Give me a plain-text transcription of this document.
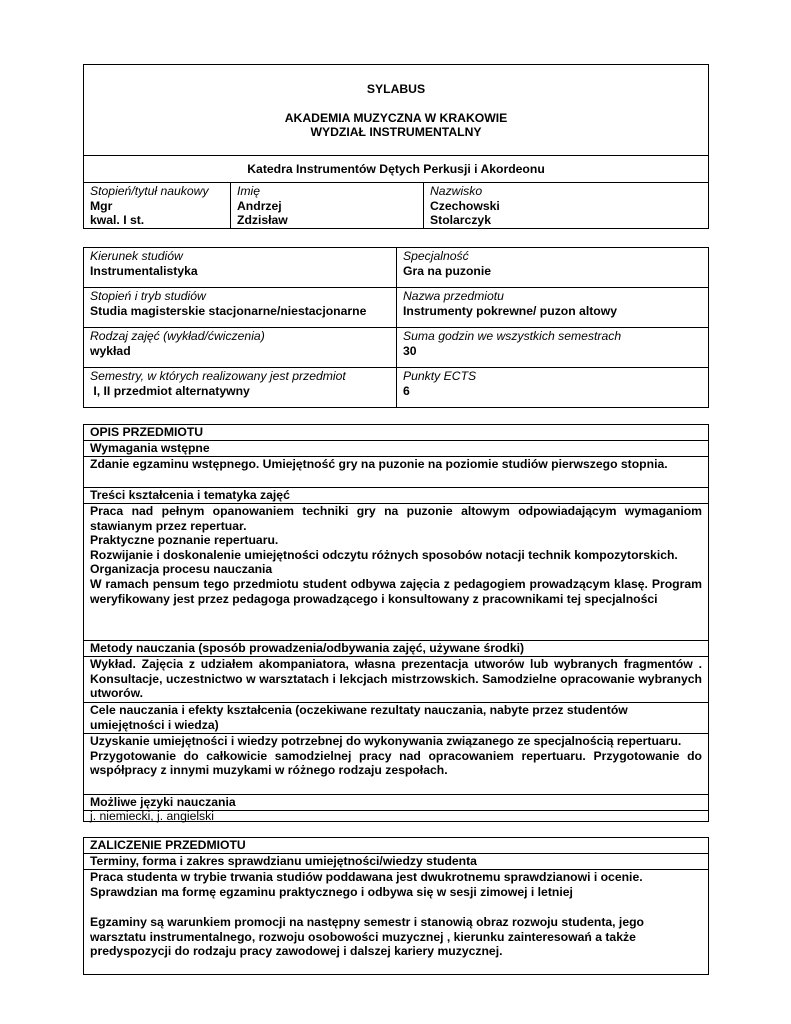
SYLABUS
AKADEMIA MUZYCZNA W KRAKOWIE
WYDZIAŁ INSTRUMENTALNY
Katedra Instrumentów Dętych Perkusji i Akordeonu
Stopień/tytuł naukowy
Mgr
kwal. I st.
Imię
Andrzej
Zdzisław
Nazwisko
Czechowski
Stolarczyk
Kierunek studiów
Instrumentalistyka
Specjalność
Gra na puzonie
Stopień i tryb studiów
Studia magisterskie stacjonarne/niestacjonarne
Nazwa przedmiotu
Instrumenty pokrewne/ puzon altowy
Rodzaj zajęć (wykład/ćwiczenia)
wykład
Suma godzin we wszystkich semestrach
30
Semestry, w których realizowany jest przedmiot
I, II przedmiot alternatywny
Punkty ECTS
6
OPIS PRZEDMIOTU
Wymagania wstępne
Zdanie egzaminu wstępnego. Umiejętność gry na puzonie na poziomie studiów pierwszego stopnia.
Treści kształcenia i tematyka zajęć
Praca nad pełnym opanowaniem techniki gry na puzonie altowym odpowiadającym wymaganiom stawianym przez repertuar.
Praktyczne poznanie repertuaru.
Rozwijanie i doskonalenie umiejętności odczytu różnych sposobów notacji technik kompozytorskich.
Organizacja procesu nauczania
W ramach pensum tego przedmiotu student odbywa zajęcia z pedagogiem prowadzącym klasę. Program weryfikowany jest przez pedagoga prowadzącego i konsultowany z pracownikami tej specjalności
Metody nauczania (sposób prowadzenia/odbywania zajęć, używane środki)
Wykład. Zajęcia z udziałem akompaniatora, własna prezentacja utworów lub wybranych fragmentów . Konsultacje, uczestnictwo w warsztatach i lekcjach mistrzowskich. Samodzielne opracowanie wybranych utworów.
Cele nauczania i efekty kształcenia (oczekiwane rezultaty nauczania, nabyte przez studentów umiejętności i wiedza)
Uzyskanie umiejętności i wiedzy potrzebnej do wykonywania związanego ze specjalnością repertuaru.
Przygotowanie do całkowicie samodzielnej pracy nad opracowaniem repertuaru. Przygotowanie do współpracy z innymi muzykami w różnego rodzaju zespołach.
Możliwe języki nauczania
j. niemiecki, j. angielski
ZALICZENIE PRZEDMIOTU
Terminy, forma i zakres sprawdzianu umiejętności/wiedzy studenta
Praca studenta w trybie trwania studiów poddawana jest dwukrotnemu sprawdzianowi i ocenie.
Sprawdzian ma formę egzaminu praktycznego i odbywa się w sesji zimowej i letniej
Egzaminy są warunkiem promocji na następny semestr i stanowią obraz rozwoju studenta, jego warsztatu instrumentalnego, rozwoju osobowości muzycznej , kierunku zainteresowań a także predyspozycji do rodzaju pracy zawodowej i dalszej kariery muzycznej.
